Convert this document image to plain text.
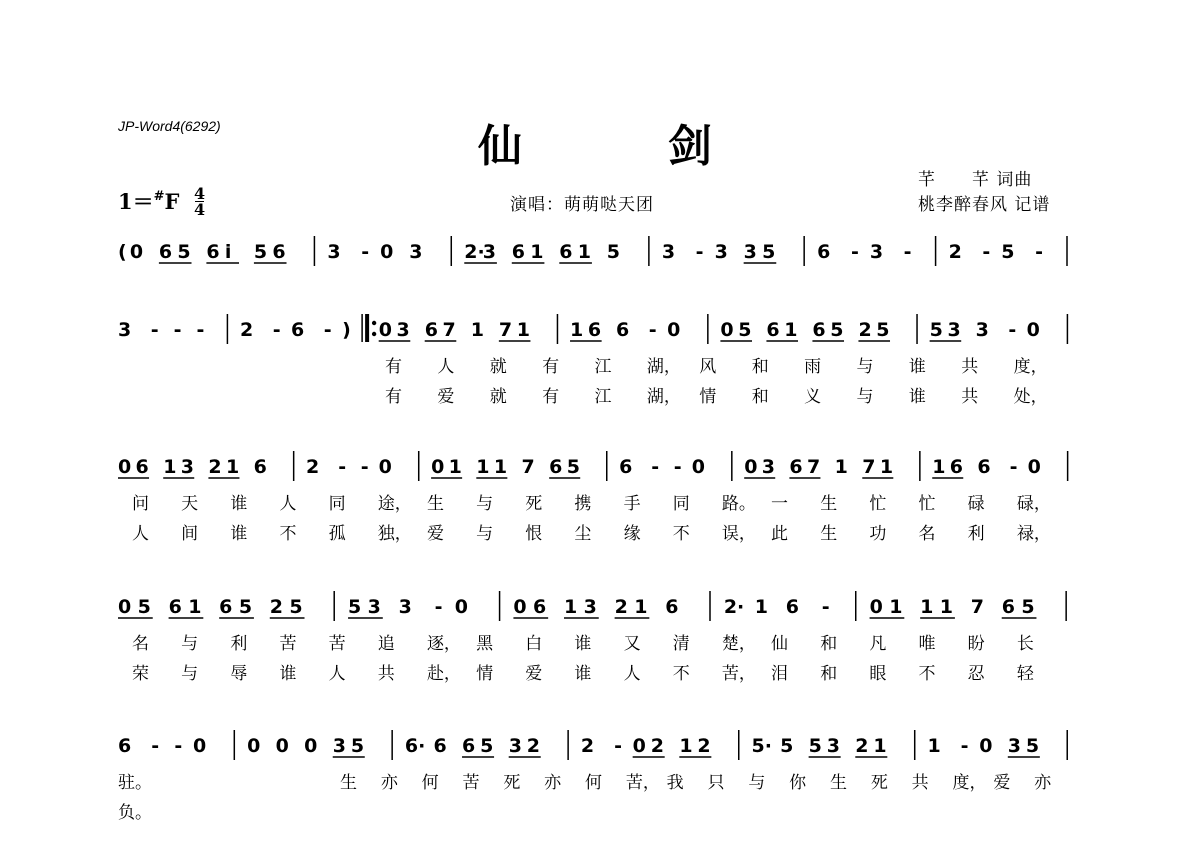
JP-Word4(6292)	仙	剑
演唱：萌萌哒天团
芊　　芊 词曲
桃李醉春风 记谱
1＝#F 4
4
( 0 6 5 6 i 5 6 3 - 0 3 2·
3 6 1 6 1 5 3 - 3 3 5 6 - 3 - 2 - 5 -
3 - - - 2 - 6 - ) 0 3 6 7 1 7 1 1 6 6 - 0 0 5 6 1 6 5 2 5 5 3 3 - 0
有 人 就 有 江 湖， 风 和 雨 与 谁 共 度，
有 爱 就 有 江 湖， 情 和 义 与 谁 共 处，
0 6 1 3 2 1 6 2 - - 0 0 1 1 1 7 6 5 6 - - 0 0 3 6 7 1 7 1 1 6 6 - 0
问 天 谁 人 同 途， 生 与 死 携 手 同 路。 一 生 忙 忙 碌 碌，
人 间 谁 不 孤 独， 爱 与 恨 尘 缘 不 误， 此 生 功 名 利 禄，
0 5 6 1 6 5 2 5 5 3 3 - 0 0 6 1 3 2 1 6 2· 1 6 - 0 1 1 1 7 6 5
名 与 利 苦 苦 追 逐， 黑 白 谁 又 清 楚， 仙 和 凡 唯 盼 长
荣 与 辱 谁 人 共 赴， 情 爱 谁 人 不 苦， 泪 和 眼 不 忍 轻
6 - - 0 0 0 0 3 5 6· 6 6 5 3 2 2 - 0 2 1 2 5· 5 5 3 2 1 1 - 0 3 5
驻。	生 亦 何 苦 死 亦 何 苦， 我 只 与 你 生 死 共 度， 爱 亦
负。
